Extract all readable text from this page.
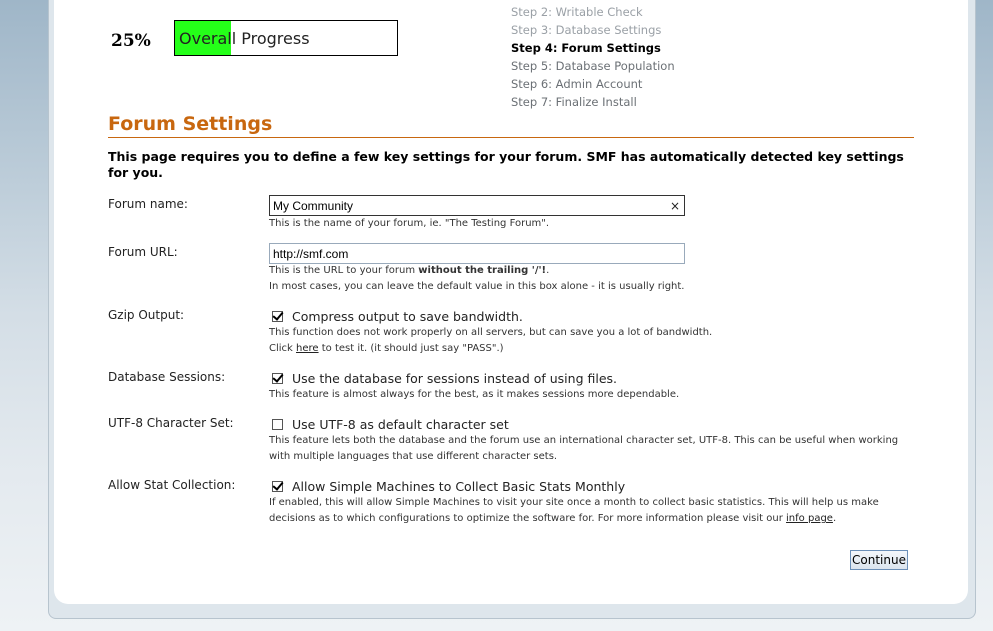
25% Overall Progress
Step 2: Writable Check
Step 3: Database Settings
Step 4: Forum Settings
Step 5: Database Population
Step 6: Admin Account
Step 7: Finalize Install
Forum Settings

This page requires you to define a few key settings for your forum. SMF has automatically detected key settings for you.

Forum name:
My Community	×
This is the name of your forum, ie. "The Testing Forum".
Forum URL:
http://smf.com
This is the URL to your forum without the trailing '/'!.
In most cases, you can leave the default value in this box alone - it is usually right.
Gzip Output:	Compress output to save bandwidth.
This function does not work properly on all servers, but can save you a lot of bandwidth.
Click here to test it. (it should just say "PASS".)
Database Sessions:	Use the database for sessions instead of using files.
This feature is almost always for the best, as it makes sessions more dependable.
UTF-8 Character Set:	Use UTF-8 as default character set
This feature lets both the database and the forum use an international character set, UTF-8. This can be useful when working
with multiple languages that use different character sets.
Allow Stat Collection:	Allow Simple Machines to Collect Basic Stats Monthly
If enabled, this will allow Simple Machines to visit your site once a month to collect basic statistics. This will help us make
decisions as to which configurations to optimize the software for. For more information please visit our info page.
Continue
